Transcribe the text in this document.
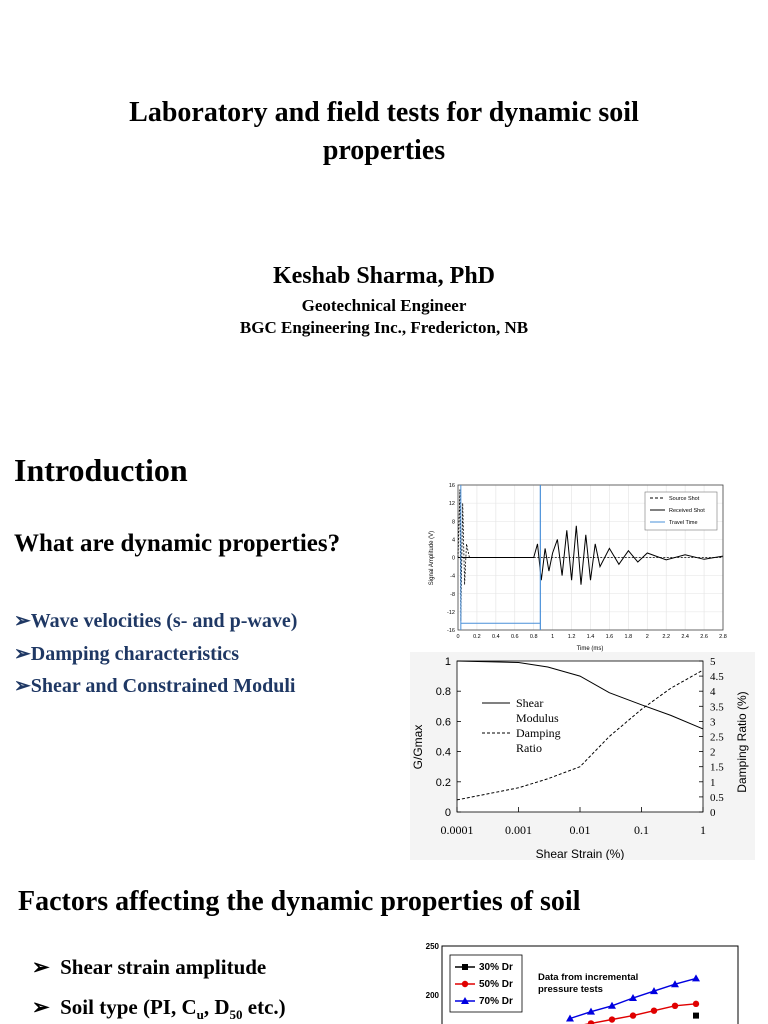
Laboratory and field tests for dynamic soil
properties
Keshab Sharma, PhD
Geotechnical Engineer
BGC Engineering Inc., Fredericton, NB
Introduction
What are dynamic properties?
➢Wave velocities (s- and p-wave)
➢Damping characteristics
➢Shear and Constrained Moduli
16
12
8
4
0
-4
-8
-12
-16
0 0.2 0.4 0.6 0.8 1 1.2 1.4 1.6 1.8 2 2.2 2.4 2.6 2.8
Signal Amplitude (V)
Time (ms)
Source Shot
Received Shot
Travel Time
0
0.2
0.4
0.6
0.8
1
0
0.5
1
1.5
2
2.5
3
3.5
4
4.5
5
0.0001	0.001	0.01	0.1	1
G/Gmax	Damping Ratio (%)
Shear Strain (%)
Shear Modulus
Damping Ratio
Factors affecting the dynamic properties of soil
➢ Shear strain amplitude
➢ Soil type (PI, $C_u$, $D_{50}$ etc.)
250
200
30% Dr
50% Dr
70% Dr
Data from incremental pressure tests
